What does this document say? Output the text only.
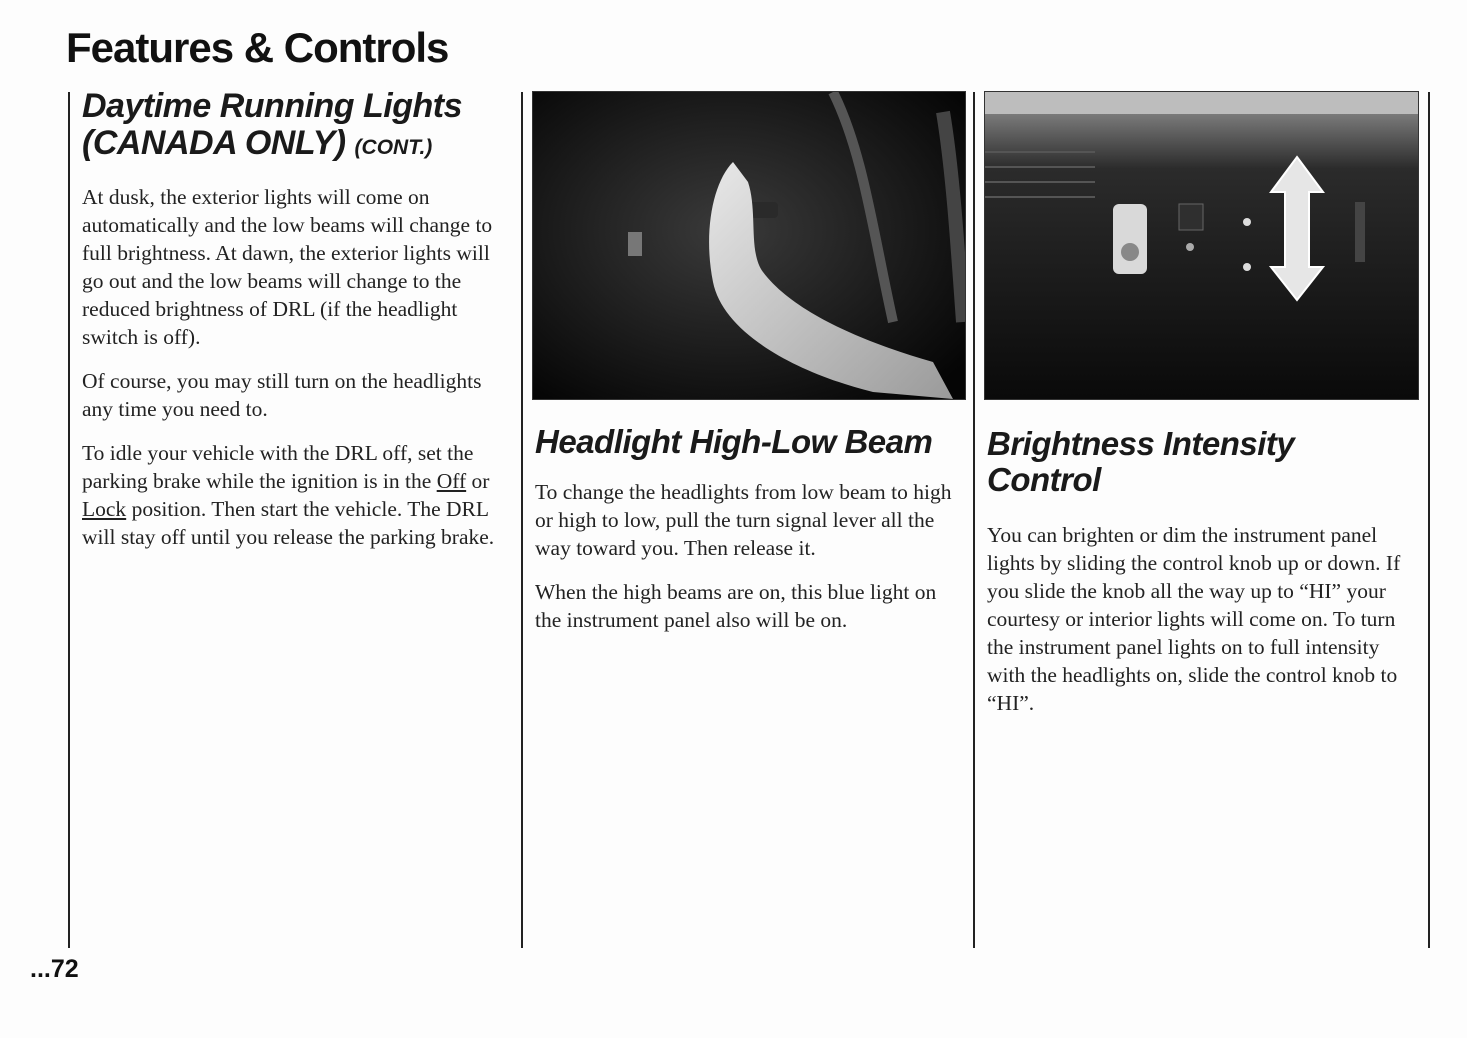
Features & Controls
Daytime Running Lights
(CANADA ONLY) (CONT.)

At dusk, the exterior lights will come on automatically and the low beams will change to full brightness. At dawn, the exterior lights will go out and the low beams will change to the reduced brightness of DRL (if the headlight switch is off).

Of course, you may still turn on the headlights any time you need to.

To idle your vehicle with the DRL off, set the parking brake while the ignition is in the Off or Lock position. Then start the vehicle. The DRL will stay off until you release the parking brake.

Headlight High-Low Beam

To change the headlights from low beam to high or high to low, pull the turn signal lever all the way toward you. Then release it.

When the high beams are on, this blue light on the instrument panel also will be on.

Brightness Intensity
Control

You can brighten or dim the instrument panel lights by sliding the control knob up or down. If you slide the knob all the way up to “HI” your courtesy or interior lights will come on. To turn the instrument panel lights on to full intensity with the headlights on, slide the control knob to “HI”.

...72
